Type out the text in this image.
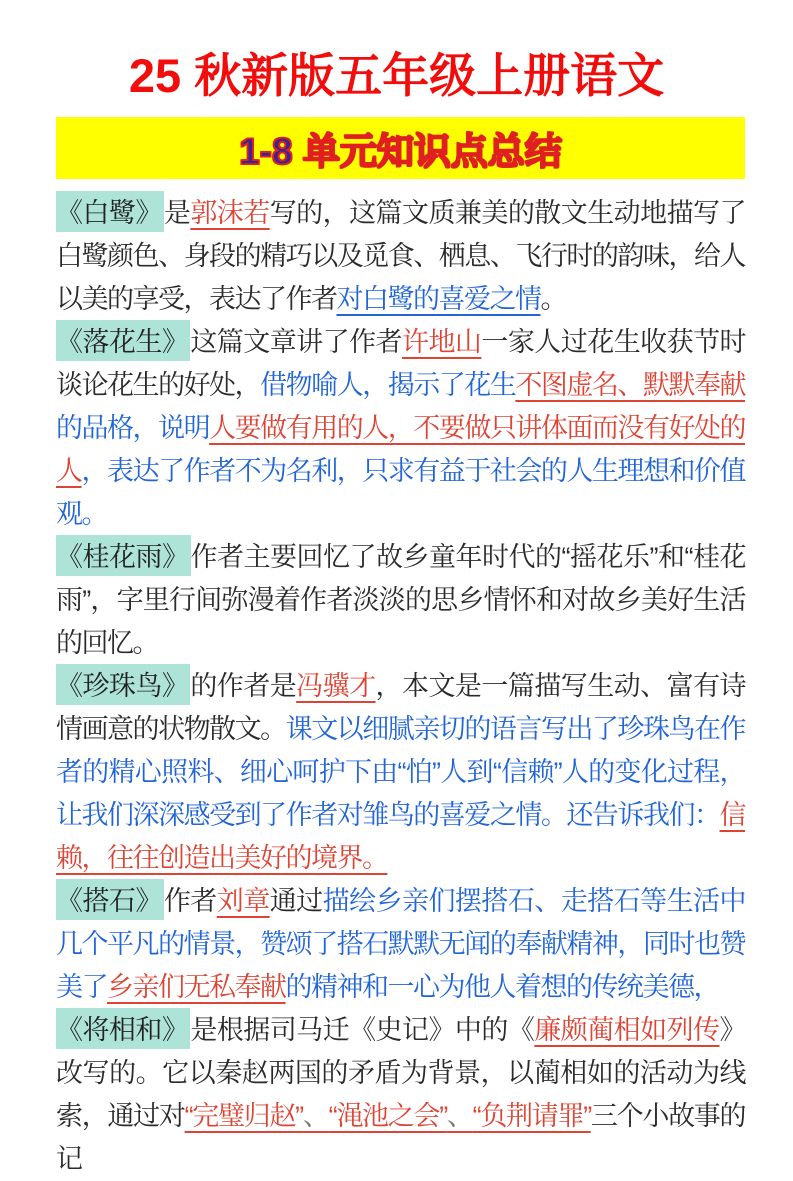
25 秋新版五年级上册语文
1-8 单元知识点总结

《白鹭》是郭沫若写的，这篇文质兼美的散文生动地描写了白鹭颜色、身段的精巧以及觅食、栖息、飞行时的韵味，给人以美的享受，表达了作者对白鹭的喜爱之情。

《落花生》这篇文章讲了作者许地山一家人过花生收获节时谈论花生的好处，借物喻人，揭示了花生不图虚名、默默奉献的品格，说明人要做有用的人，不要做只讲体面而没有好处的人，表达了作者不为名利，只求有益于社会的人生理想和价值观。

《桂花雨》作者主要回忆了故乡童年时代的“摇花乐”和“桂花雨”，字里行间弥漫着作者淡淡的思乡情怀和对故乡美好生活的回忆。

《珍珠鸟》的作者是冯骥才，本文是一篇描写生动、富有诗情画意的状物散文。课文以细腻亲切的语言写出了珍珠鸟在作者的精心照料、细心呵护下由“怕”人到“信赖”人的变化过程，让我们深深感受到了作者对雏鸟的喜爱之情。还告诉我们：信赖，往往创造出美好的境界。

《搭石》作者刘章通过描绘乡亲们摆搭石、走搭石等生活中几个平凡的情景，赞颂了搭石默默无闻的奉献精神，同时也赞美了乡亲们无私奉献的精神和一心为他人着想的传统美德，

《将相和》是根据司马迁《史记》中的《廉颇蔺相如列传》改写的。它以秦赵两国的矛盾为背景，以蔺相如的活动为线索，通过对“完璧归赵”、“渑池之会”、“负荆请罪”三个小故事的记
